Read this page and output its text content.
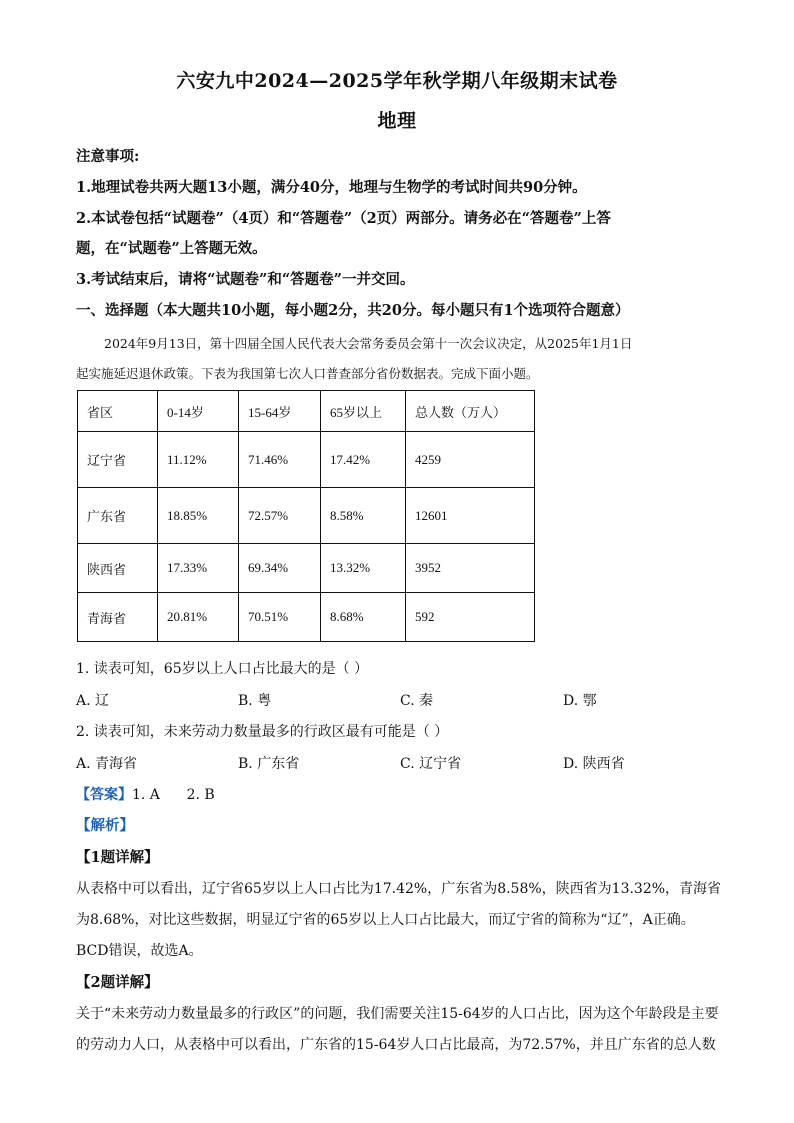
六安九中2024—2025学年秋学期八年级期末试卷
地理
注意事项:
1.地理试卷共两大题13小题，满分40分，地理与生物学的考试时间共90分钟。
2.本试卷包括“试题卷”（4页）和“答题卷”（2页）两部分。请务必在“答题卷”上答
题，在“试题卷”上答题无效。
3.考试结束后，请将“试题卷”和“答题卷”一并交回。
一、选择题（本大题共10小题，每小题2分，共20分。每小题只有1个选项符合题意）
2024年9月13日，第十四届全国人民代表大会常务委员会第十一次会议决定，从2025年1月1日
起实施延迟退休政策。下表为我国第七次人口普查部分省份数据表。完成下面小题。
省区	0-14岁	15-64岁	65岁以上	总人数（万人）
辽宁省	11.12%	71.46%	17.42%	4259
广东省	18.85%	72.57%	8.58%	12601
陕西省	17.33%	69.34%	13.32%	3952
青海省	20.81%	70.51%	8.68%	592
1. 读表可知，65岁以上人口占比最大的是（ ）
A. 辽	B. 粤	C. 秦	D. 鄂
2. 读表可知，未来劳动力数量最多的行政区最有可能是（ ）
A. 青海省	B. 广东省	C. 辽宁省	D. 陕西省
【答案】1. A      2. B
【解析】
【1题详解】
从表格中可以看出，辽宁省65岁以上人口占比为17.42%，广东省为8.58%，陕西省为13.32%，青海省
为8.68%，对比这些数据，明显辽宁省的65岁以上人口占比最大，而辽宁省的简称为“辽”，A正确。
BCD错误，故选A。
【2题详解】
关于“未来劳动力数量最多的行政区”的问题，我们需要关注15-64岁的人口占比，因为这个年龄段是主要
的劳动力人口，从表格中可以看出，广东省的15-64岁人口占比最高，为72.57%，并且广东省的总人数
